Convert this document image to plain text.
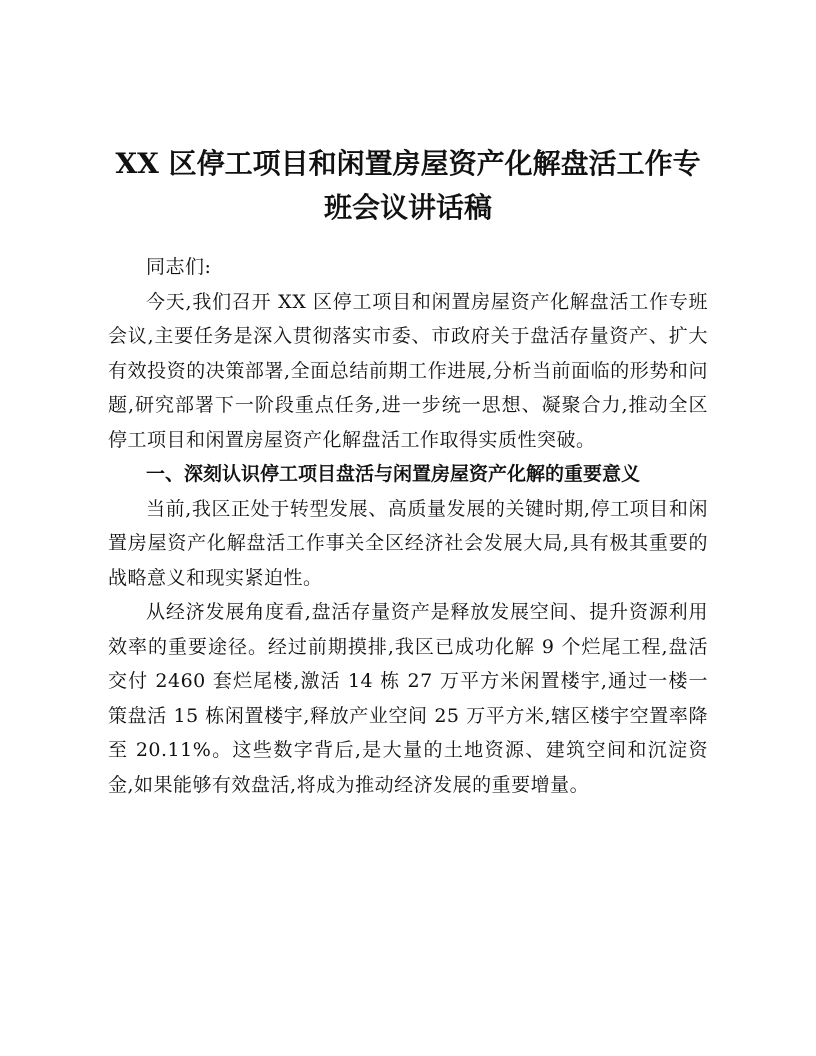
XX 区停工项目和闲置房屋资产化解盘活工作专班会议讲话稿

同志们:

今天,我们召开 XX 区停工项目和闲置房屋资产化解盘活工作专班会议,主要任务是深入贯彻落实市委、市政府关于盘活存量资产、扩大有效投资的决策部署,全面总结前期工作进展,分析当前面临的形势和问题,研究部署下一阶段重点任务,进一步统一思想、凝聚合力,推动全区停工项目和闲置房屋资产化解盘活工作取得实质性突破。

一、深刻认识停工项目盘活与闲置房屋资产化解的重要意义

当前,我区正处于转型发展、高质量发展的关键时期,停工项目和闲置房屋资产化解盘活工作事关全区经济社会发展大局,具有极其重要的战略意义和现实紧迫性。

从经济发展角度看,盘活存量资产是释放发展空间、提升资源利用效率的重要途径。经过前期摸排,我区已成功化解 9 个烂尾工程,盘活交付 2460 套烂尾楼,激活 14 栋 27 万平方米闲置楼宇,通过一楼一策盘活 15 栋闲置楼宇,释放产业空间 25 万平方米,辖区楼宇空置率降至 20.11%。这些数字背后,是大量的土地资源、建筑空间和沉淀资金,如果能够有效盘活,将成为推动经济发展的重要增量。
